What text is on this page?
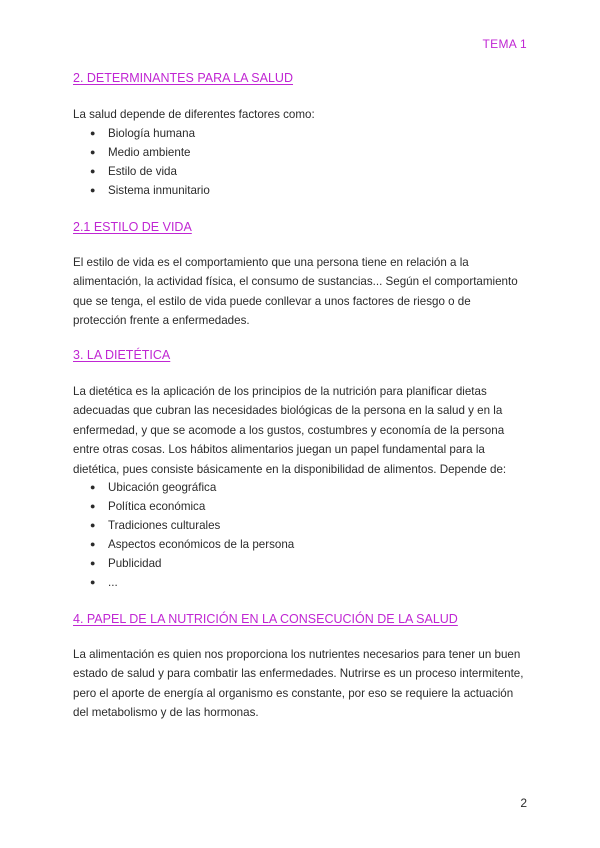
TEMA 1
2. DETERMINANTES PARA LA SALUD

La salud depende de diferentes factores como:

● Biología humana
● Medio ambiente
● Estilo de vida
● Sistema inmunitario
2.1 ESTILO DE VIDA

El estilo de vida es el comportamiento que una persona tiene en relación a la alimentación, la actividad física, el consumo de sustancias... Según el comportamiento que se tenga, el estilo de vida puede conllevar a unos factores de riesgo o de protección frente a enfermedades.

3. LA DIETÉTICA

La dietética es la aplicación de los principios de la nutrición para planificar dietas adecuadas que cubran las necesidades biológicas de la persona en la salud y en la enfermedad, y que se acomode a los gustos, costumbres y economía de la persona entre otras cosas. Los hábitos alimentarios juegan un papel fundamental para la dietética, pues consiste básicamente en la disponibilidad de alimentos. Depende de:

● Ubicación geográfica
● Política económica
● Tradiciones culturales
● Aspectos económicos de la persona
● Publicidad
● ...
4. PAPEL DE LA NUTRICIÓN EN LA CONSECUCIÓN DE LA SALUD

La alimentación es quien nos proporciona los nutrientes necesarios para tener un buen estado de salud y para combatir las enfermedades. Nutrirse es un proceso intermitente, pero el aporte de energía al organismo es constante, por eso se requiere la actuación del metabolismo y de las hormonas.

2
